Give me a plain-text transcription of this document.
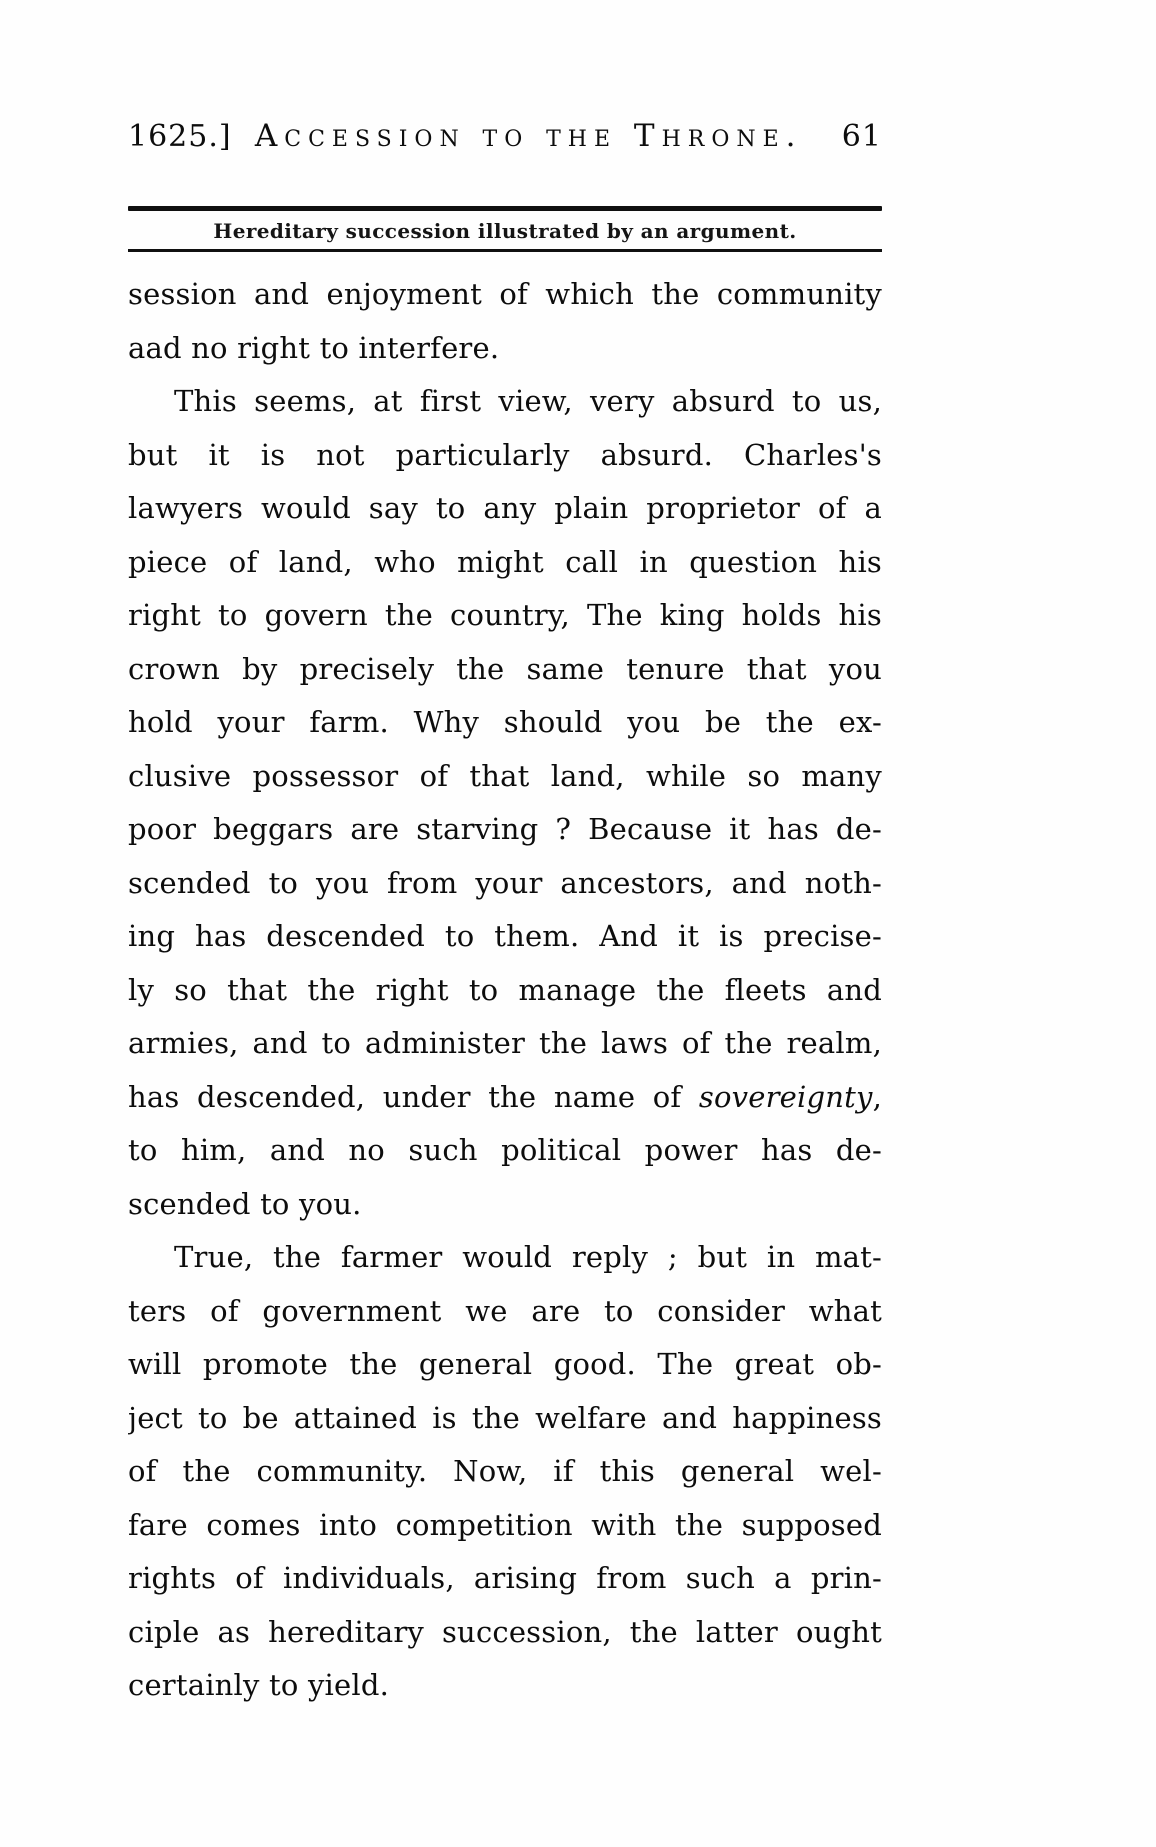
1625.] Accession to the Throne. 61
Hereditary succession illustrated by an argument.
session and enjoyment of which the community
aad no right to interfere.
This seems, at first view, very absurd to us,
but it is not particularly absurd. Charles's
lawyers would say to any plain proprietor of a
piece of land, who might call in question his
right to govern the country, The king holds his
crown by precisely the same tenure that you
hold your farm. Why should you be the ex-
clusive possessor of that land, while so many
poor beggars are starving ? Because it has de-
scended to you from your ancestors, and noth-
ing has descended to them. And it is precise-
ly so that the right to manage the fleets and
armies, and to administer the laws of the realm,
has descended, under the name of sovereignty,
to him, and no such political power has de-
scended to you.
True, the farmer would reply ; but in mat-
ters of government we are to consider what
will promote the general good. The great ob-
ject to be attained is the welfare and happiness
of the community. Now, if this general wel-
fare comes into competition with the supposed
rights of individuals, arising from such a prin-
ciple as hereditary succession, the latter ought
certainly to yield.
